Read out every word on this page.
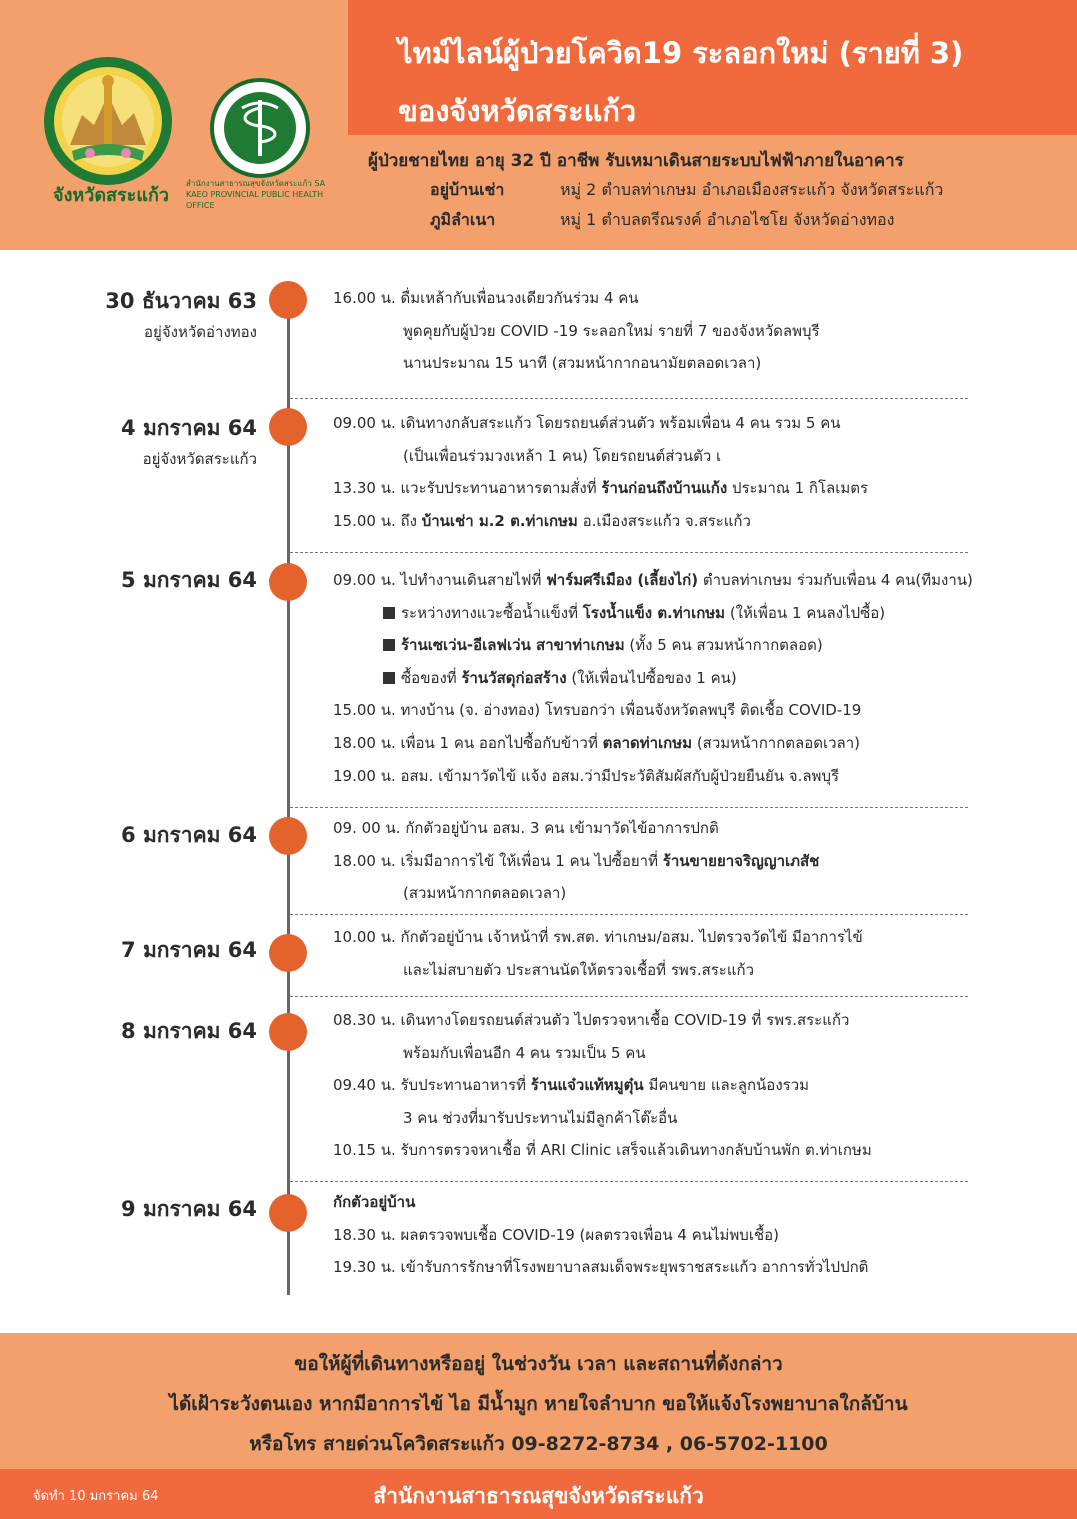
จังหวัดสระแก้ว
สำนักงานสาธารณสุขจังหวัดสระแก้ว SA KAEO PROVINCIAL PUBLIC HEALTH OFFICE
ไทม์ไลน์ผู้ป่วยโควิด19 ระลอกใหม่ (รายที่ 3)
ของจังหวัดสระแก้ว
ผู้ป่วยชายไทย อายุ 32 ปี อาชีพ รับเหมาเดินสายระบบไฟฟ้าภายในอาคาร
อยู่บ้านเช่า	หมู่ 2 ตำบลท่าเกษม อำเภอเมืองสระแก้ว จังหวัดสระแก้ว
ภูมิลำเนา	หมู่ 1 ตำบลตรีณรงค์ อำเภอไชโย จังหวัดอ่างทอง
30 ธันวาคม 63
อยู่จังหวัดอ่างทอง
16.00 น. ดื่มเหล้ากับเพื่อนวงเดียวกันร่วม 4 คน
พูดคุยกับผู้ป่วย COVID -19 ระลอกใหม่ รายที่ 7 ของจังหวัดลพบุรี
นานประมาณ 15 นาที (สวมหน้ากากอนามัยตลอดเวลา)
4 มกราคม 64
อยู่จังหวัดสระแก้ว
09.00 น. เดินทางกลับสระแก้ว โดยรถยนต์ส่วนตัว พร้อมเพื่อน 4 คน รวม 5 คน
(เป็นเพื่อนร่วมวงเหล้า 1 คน) โดยรถยนต์ส่วนตัว เ
13.30 น. แวะรับประทานอาหารตามสั่งที่ ร้านก่อนถึงบ้านแก้ง ประมาณ 1 กิโลเมตร
15.00 น. ถึง บ้านเช่า ม.2 ต.ท่าเกษม อ.เมืองสระแก้ว จ.สระแก้ว
5 มกราคม 64	09.00 น. ไปทำงานเดินสายไฟที่ ฟาร์มศรีเมือง (เลี้ยงไก่) ตำบลท่าเกษม ร่วมกับเพื่อน 4 คน(ทีมงาน)
ระหว่างทางแวะซื้อน้ำแข็งที่ โรงน้ำแข็ง ต.ท่าเกษม (ให้เพื่อน 1 คนลงไปซื้อ)
ร้านเซเว่น-อีเลฟเว่น สาขาท่าเกษม (ทั้ง 5 คน สวมหน้ากากตลอด)
ซื้อของที่ ร้านวัสดุก่อสร้าง (ให้เพื่อนไปซื้อของ 1 คน)
15.00 น. ทางบ้าน (จ. อ่างทอง) โทรบอกว่า เพื่อนจังหวัดลพบุรี ติดเชื้อ COVID-19
18.00 น. เพื่อน 1 คน ออกไปซื้อกับข้าวที่ ตลาดท่าเกษม (สวมหน้ากากตลอดเวลา)
19.00 น. อสม. เข้ามาวัดไข้ แจ้ง อสม.ว่ามีประวัติสัมผัสกับผู้ป่วยยืนยัน จ.ลพบุรี
6 มกราคม 64	09. 00 น. กักตัวอยู่บ้าน อสม. 3 คน เข้ามาวัดไข้อาการปกติ
18.00 น. เริ่มมีอาการไข้ ให้เพื่อน 1 คน ไปซื้อยาที่ ร้านขายยาจริญญาเภสัช
(สวมหน้ากากตลอดเวลา)
7 มกราคม 64
10.00 น. กักตัวอยู่บ้าน เจ้าหน้าที่ รพ.สต. ท่าเกษม/อสม. ไปตรวจวัดไข้ มีอาการไข้
และไม่สบายตัว ประสานนัดให้ตรวจเชื้อที่ รพร.สระแก้ว
8 มกราคม 64	08.30 น. เดินทางโดยรถยนต์ส่วนตัว ไปตรวจหาเชื้อ COVID-19 ที่ รพร.สระแก้ว
พร้อมกับเพื่อนอีก 4 คน รวมเป็น 5 คน
09.40 น. รับประทานอาหารที่ ร้านแจ๋วแท้หมูตุ๋น มีคนขาย และลูกน้องรวม
3 คน ช่วงที่มารับประทานไม่มีลูกค้าโต๊ะอื่น
10.15 น. รับการตรวจหาเชื้อ ที่ ARI Clinic เสร็จแล้วเดินทางกลับบ้านพัก ต.ท่าเกษม
9 มกราคม 64	กักตัวอยู่บ้าน
18.30 น. ผลตรวจพบเชื้อ COVID-19 (ผลตรวจเพื่อน 4 คนไม่พบเชื้อ)
19.30 น. เข้ารับการรักษาที่โรงพยาบาลสมเด็จพระยุพราชสระแก้ว อาการทั่วไปปกติ
ขอให้ผู้ที่เดินทางหรืออยู่ ในช่วงวัน เวลา และสถานที่ดังกล่าว
ได้เฝ้าระวังตนเอง หากมีอาการไข้ ไอ มีน้ำมูก หายใจลำบาก ขอให้แจ้งโรงพยาบาลใกล้บ้าน
หรือโทร สายด่วนโควิดสระแก้ว 09-8272-8734 , 06-5702-1100
จัดทำ 10 มกราคม 64	สำนักงานสาธารณสุขจังหวัดสระแก้ว
